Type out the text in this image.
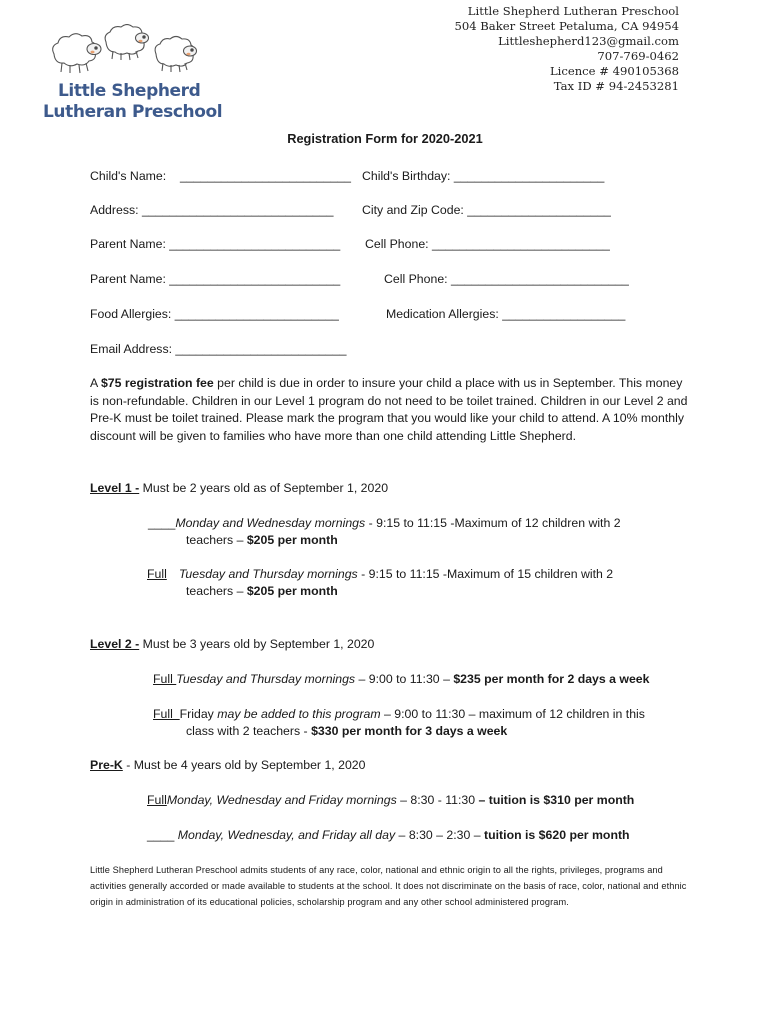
Little Shepherd
Lutheran Preschool
Little Shepherd Lutheran Preschool
504 Baker Street Petaluma, CA 94954
Littleshepherd123@gmail.com
707-769-0462
Licence # 490105368
Tax ID # 94-2453281
Registration Form for 2020-2021
Child's Name: _________________________ Child's Birthday: ______________________
Address: ____________________________ City and Zip Code: _____________________
Parent Name: _________________________ Cell Phone: __________________________
Parent Name: _________________________	Cell Phone: __________________________
Food Allergies: ________________________	Medication Allergies: __________________
Email Address: _________________________
A $75 registration fee per child is due in order to insure your child a place with us in September. This money is non-refundable. Children in our Level 1 program do not need to be toilet trained. Children in our Level 2 and Pre-K must be toilet trained. Please mark the program that you would like your child to attend. A 10% monthly discount will be given to families who have more than one child attending Little Shepherd.
Level 1 - Must be 2 years old as of September 1, 2020
____Monday and Wednesday mornings - 9:15 to 11:15 -Maximum of 12 children with 2
teachers – $205 per month
Full Tuesday and Thursday mornings - 9:15 to 11:15 -Maximum of 15 children with 2
teachers – $205 per month
Level 2 - Must be 3 years old by September 1, 2020
Full Tuesday and Thursday mornings – 9:00 to 11:30 – $235 per month for 2 days a week
Full  Friday may be added to this program – 9:00 to 11:30 – maximum of 12 children in this
class with 2 teachers - $330 per month for 3 days a week
Pre-K - Must be 4 years old by September 1, 2020
FullMonday, Wednesday and Friday mornings – 8:30 - 11:30 – tuition is $310 per month
____ Monday, Wednesday, and Friday all day – 8:30 – 2:30 – tuition is $620 per month
Little Shepherd Lutheran Preschool admits students of any race, color, national and ethnic origin to all the rights, privileges, programs and activities generally accorded or made available to students at the school. It does not discriminate on the basis of race, color, national and ethnic origin in administration of its educational policies, scholarship program and any other school administered program.
